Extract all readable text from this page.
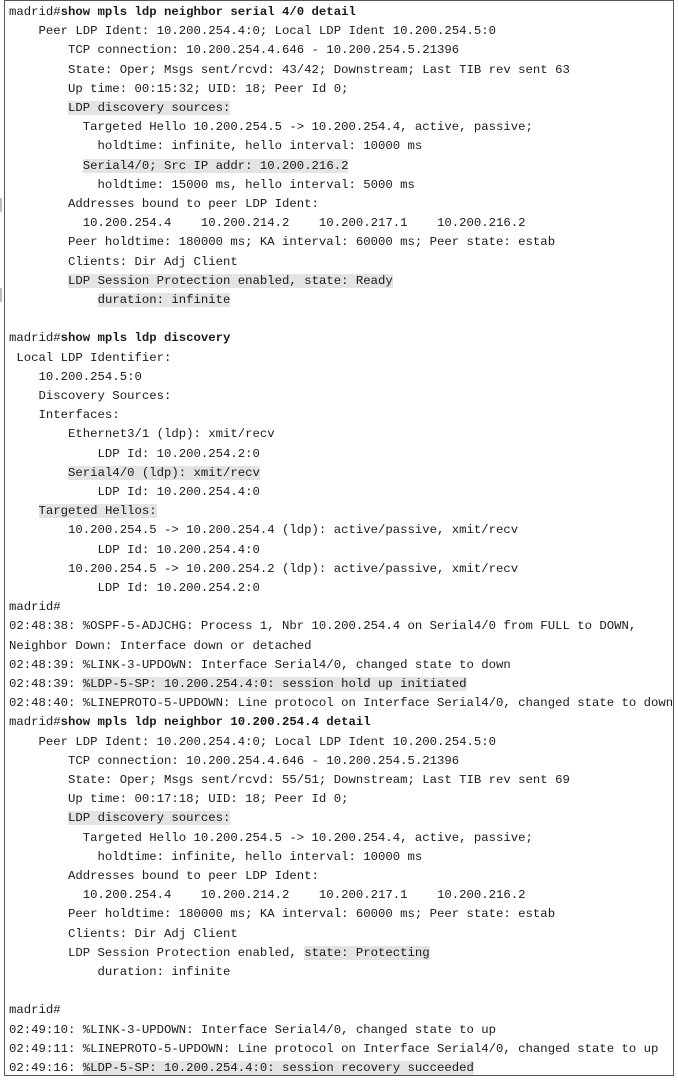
madrid#show mpls ldp neighbor serial 4/0 detail
Peer LDP Ident: 10.200.254.4:0; Local LDP Ident 10.200.254.5:0
TCP connection: 10.200.254.4.646 - 10.200.254.5.21396
State: Oper; Msgs sent/rcvd: 43/42; Downstream; Last TIB rev sent 63
Up time: 00:15:32; UID: 18; Peer Id 0;
LDP discovery sources:
Targeted Hello 10.200.254.5 -> 10.200.254.4, active, passive;
holdtime: infinite, hello interval: 10000 ms
Serial4/0; Src IP addr: 10.200.216.2
holdtime: 15000 ms, hello interval: 5000 ms
Addresses bound to peer LDP Ident:
10.200.254.4    10.200.214.2    10.200.217.1    10.200.216.2
Peer holdtime: 180000 ms; KA interval: 60000 ms; Peer state: estab
Clients: Dir Adj Client
LDP Session Protection enabled, state: Ready
duration: infinite
madrid#show mpls ldp discovery
Local LDP Identifier:
10.200.254.5:0
Discovery Sources:
Interfaces:
Ethernet3/1 (ldp): xmit/recv
LDP Id: 10.200.254.2:0
Serial4/0 (ldp): xmit/recv
LDP Id: 10.200.254.4:0
Targeted Hellos:
10.200.254.5 -> 10.200.254.4 (ldp): active/passive, xmit/recv
LDP Id: 10.200.254.4:0
10.200.254.5 -> 10.200.254.2 (ldp): active/passive, xmit/recv
LDP Id: 10.200.254.2:0
madrid#
02:48:38: %OSPF-5-ADJCHG: Process 1, Nbr 10.200.254.4 on Serial4/0 from FULL to DOWN,
Neighbor Down: Interface down or detached
02:48:39: %LINK-3-UPDOWN: Interface Serial4/0, changed state to down
02:48:39: %LDP-5-SP: 10.200.254.4:0: session hold up initiated
02:48:40: %LINEPROTO-5-UPDOWN: Line protocol on Interface Serial4/0, changed state to down
madrid#show mpls ldp neighbor 10.200.254.4 detail
Peer LDP Ident: 10.200.254.4:0; Local LDP Ident 10.200.254.5:0
TCP connection: 10.200.254.4.646 - 10.200.254.5.21396
State: Oper; Msgs sent/rcvd: 55/51; Downstream; Last TIB rev sent 69
Up time: 00:17:18; UID: 18; Peer Id 0;
LDP discovery sources:
Targeted Hello 10.200.254.5 -> 10.200.254.4, active, passive;
holdtime: infinite, hello interval: 10000 ms
Addresses bound to peer LDP Ident:
10.200.254.4    10.200.214.2    10.200.217.1    10.200.216.2
Peer holdtime: 180000 ms; KA interval: 60000 ms; Peer state: estab
Clients: Dir Adj Client
LDP Session Protection enabled, state: Protecting
duration: infinite
madrid#
02:49:10: %LINK-3-UPDOWN: Interface Serial4/0, changed state to up
02:49:11: %LINEPROTO-5-UPDOWN: Line protocol on Interface Serial4/0, changed state to up
02:49:16: %LDP-5-SP: 10.200.254.4:0: session recovery succeeded
